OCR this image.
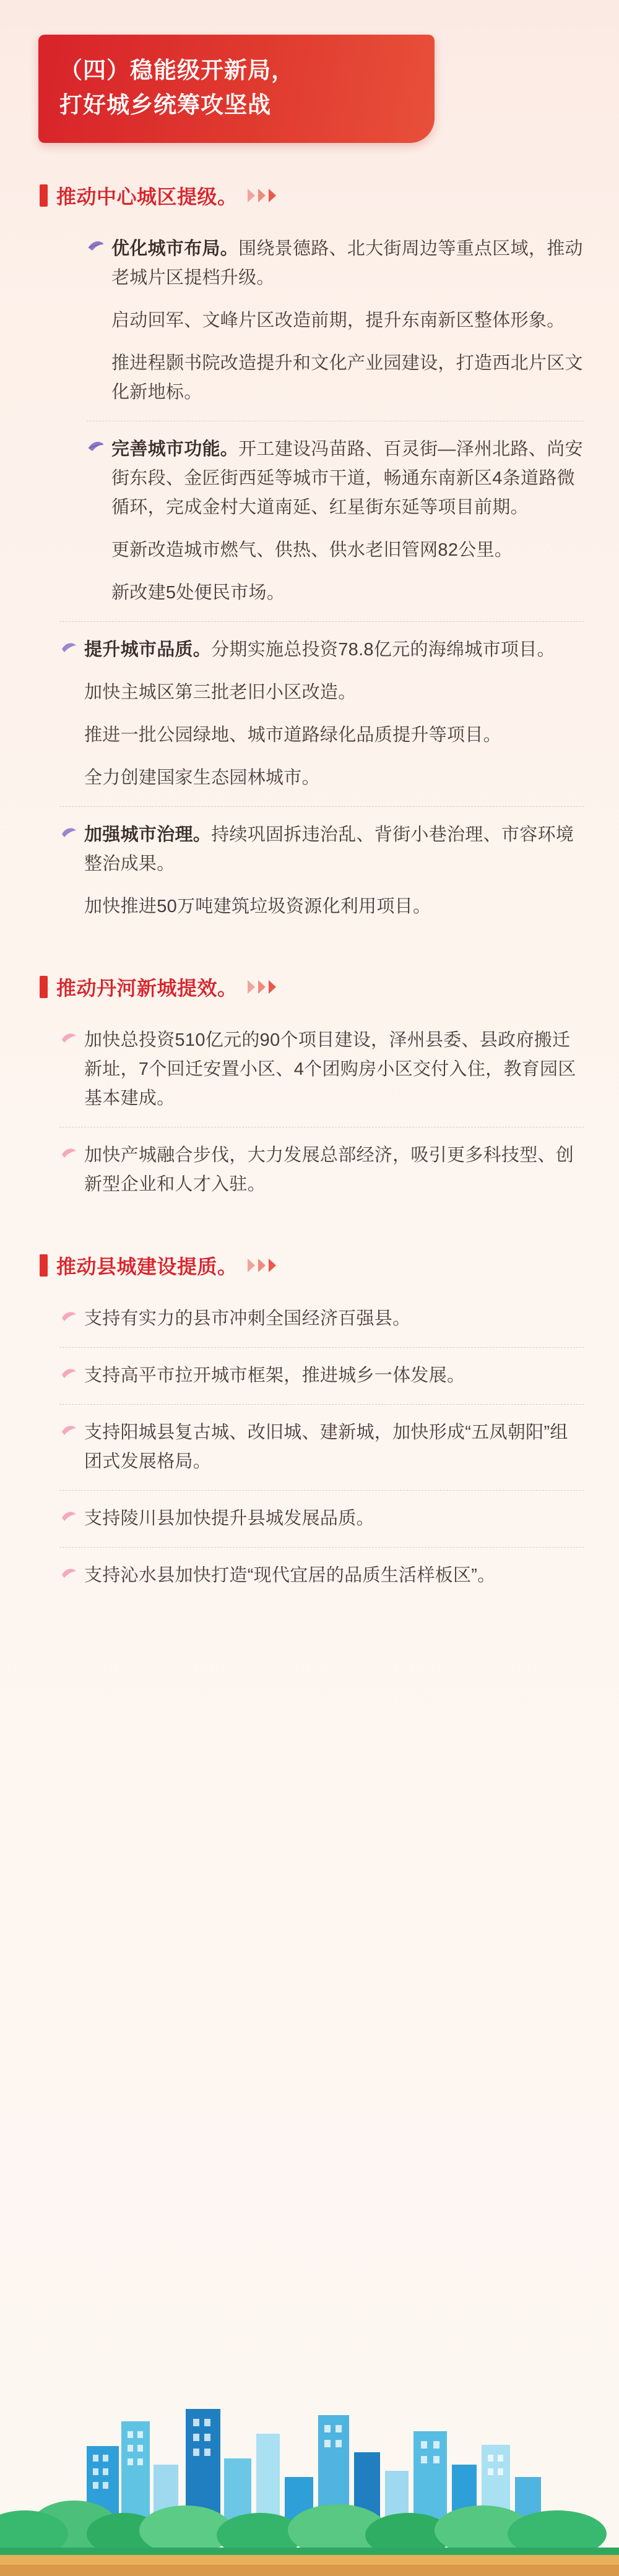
（四）稳能级开新局，
打好城乡统筹攻坚战
推动中心城区提级。
优化城市布局。围绕景德路、北大街周边等重点区域，推动老城片区提档升级。
启动回军、文峰片区改造前期，提升东南新区整体形象。
推进程颢书院改造提升和文化产业园建设，打造西北片区文化新地标。
完善城市功能。开工建设冯苗路、百灵街—泽州北路、尚安街东段、金匠街西延等城市干道，畅通东南新区4条道路微循环，完成金村大道南延、红星街东延等项目前期。
更新改造城市燃气、供热、供水老旧管网82公里。
新改建5处便民市场。
提升城市品质。分期实施总投资78.8亿元的海绵城市项目。
加快主城区第三批老旧小区改造。
推进一批公园绿地、城市道路绿化品质提升等项目。
全力创建国家生态园林城市。
加强城市治理。持续巩固拆违治乱、背街小巷治理、市容环境整治成果。
加快推进50万吨建筑垃圾资源化利用项目。
推动丹河新城提效。
加快总投资510亿元的90个项目建设，泽州县委、县政府搬迁新址，7个回迁安置小区、4个团购房小区交付入住，教育园区基本建成。
加快产城融合步伐，大力发展总部经济，吸引更多科技型、创新型企业和人才入驻。
推动县城建设提质。
支持有实力的县市冲刺全国经济百强县。
支持高平市拉开城市框架，推进城乡一体发展。
支持阳城县复古城、改旧城、建新城，加快形成“五凤朝阳”组团式发展格局。
支持陵川县加快提升县城发展品质。
支持沁水县加快打造“现代宜居的品质生活样板区”。
